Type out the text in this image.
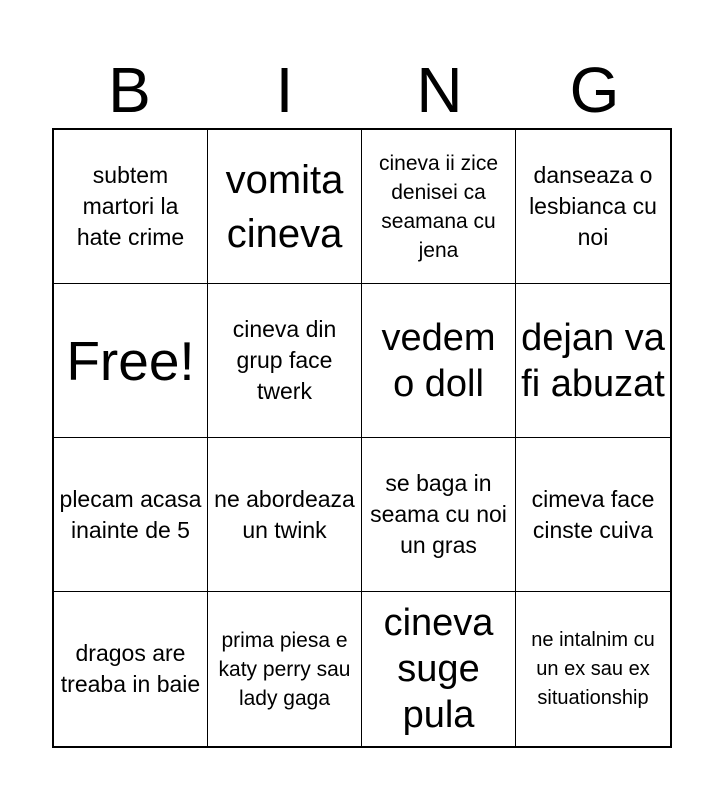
B	I	N	G
subtem martori la hate crime
vomita cineva
cineva ii zice denisei ca seamana cu jena
danseaza o lesbianca cu noi
Free!
cineva din grup face twerk
vedem o doll
dejan va fi abuzat
plecam acasa inainte de 5
ne abordeaza un twink
se baga in seama cu noi un gras
cimeva face cinste cuiva
dragos are treaba in baie
prima piesa e katy perry sau lady gaga
cineva suge pula
ne intalnim cu un ex sau ex situationship
